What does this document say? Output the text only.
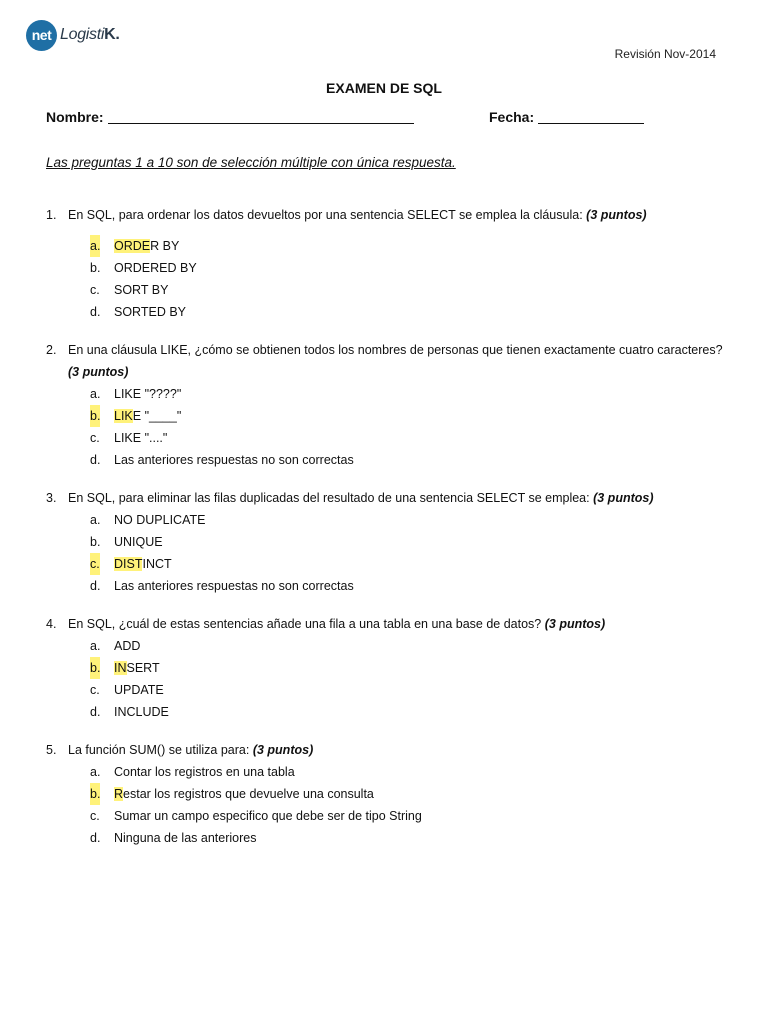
net LogistiK.
Revisión Nov-2014
EXAMEN DE SQL
Nombre:	Fecha:
Las preguntas 1 a 10 son de selección múltiple con única respuesta.
1. En SQL, para ordenar los datos devueltos por una sentencia SELECT se emplea la cláusula: (3 puntos)
a. ORDER BY
b. ORDERED BY
c. SORT BY
d. SORTED BY
2. En una cláusula LIKE, ¿cómo se obtienen todos los nombres de personas que tienen exactamente cuatro caracteres? (3 puntos)
a. LIKE "????"
b. LIKE "____"
c. LIKE "...."
d. Las anteriores respuestas no son correctas
3. En SQL, para eliminar las filas duplicadas del resultado de una sentencia SELECT se emplea: (3 puntos)
a. NO DUPLICATE
b. UNIQUE
c. DISTINCT
d. Las anteriores respuestas no son correctas
4. En SQL, ¿cuál de estas sentencias añade una fila a una tabla en una base de datos? (3 puntos)
a. ADD
b. INSERT
c. UPDATE
d. INCLUDE
5. La función SUM() se utiliza para: (3 puntos)
a. Contar los registros en una tabla
b. Restar los registros que devuelve una consulta
c. Sumar un campo especifico que debe ser de tipo String
d. Ninguna de las anteriores
